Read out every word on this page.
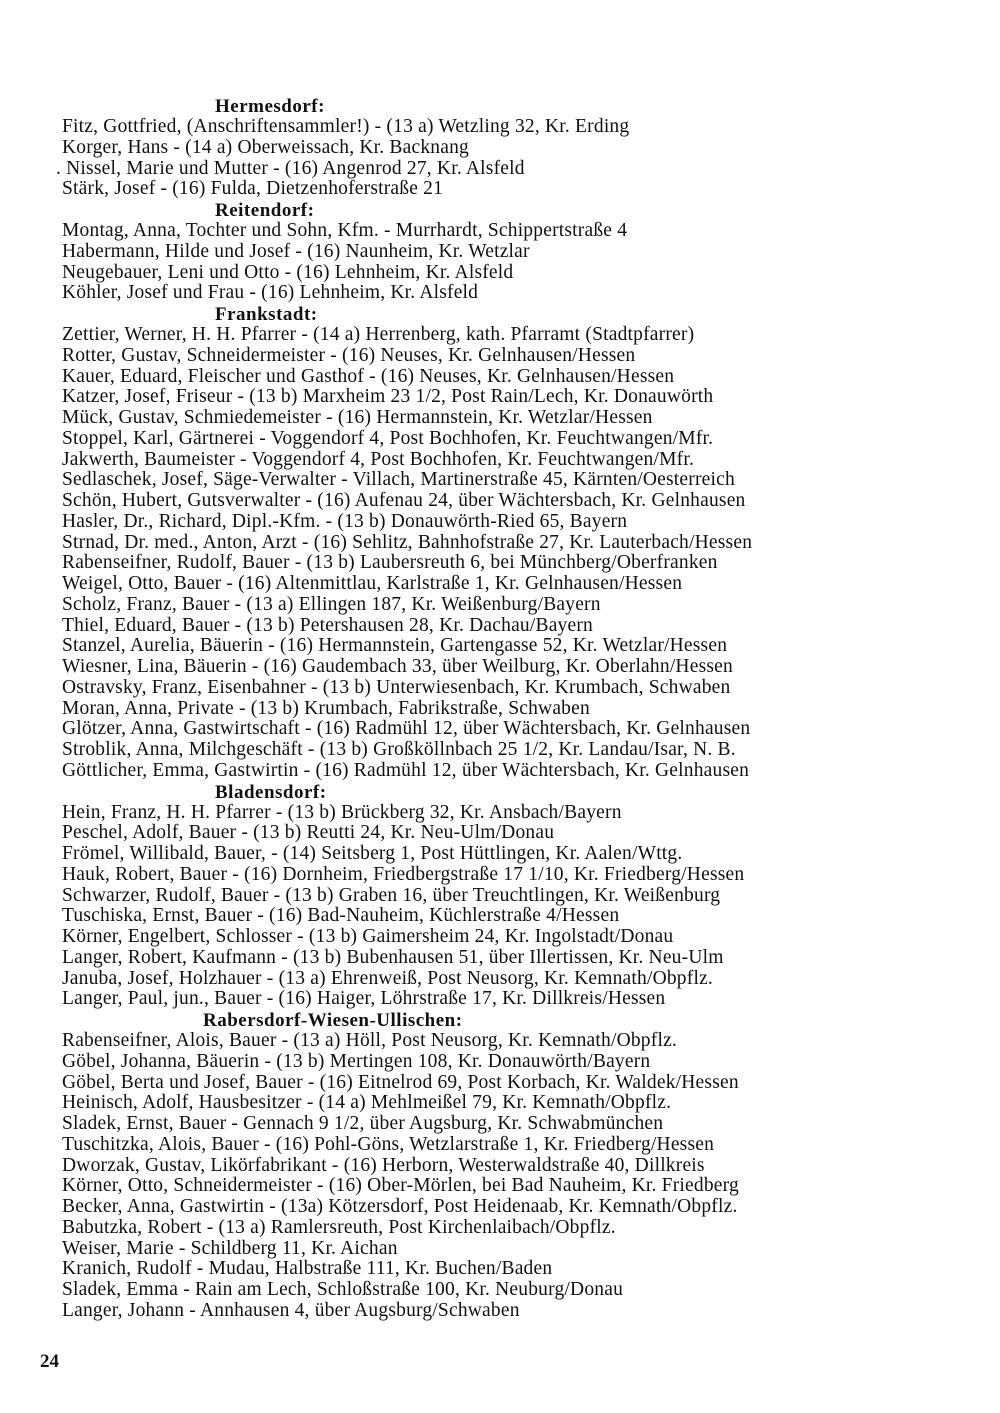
Hermesdorf:
Fitz, Gottfried, (Anschriftensammler!) - (13 a) Wetzling 32, Kr. Erding
Korger, Hans - (14 a) Oberweissach, Kr. Backnang
. Nissel, Marie und Mutter - (16) Angenrod 27, Kr. Alsfeld
Stärk, Josef - (16) Fulda, Dietzenhoferstraße 21
Reitendorf:
Montag, Anna, Tochter und Sohn, Kfm. - Murrhardt, Schippertstraße 4
Habermann, Hilde und Josef - (16) Naunheim, Kr. Wetzlar
Neugebauer, Leni und Otto - (16) Lehnheim, Kr. Alsfeld
Köhler, Josef und Frau - (16) Lehnheim, Kr. Alsfeld
Frankstadt:
Zettier, Werner, H. H. Pfarrer - (14 a) Herrenberg, kath. Pfarramt (Stadtpfarrer)
Rotter, Gustav, Schneidermeister - (16) Neuses, Kr. Gelnhausen/Hessen
Kauer, Eduard, Fleischer und Gasthof - (16) Neuses, Kr. Gelnhausen/Hessen
Katzer, Josef, Friseur - (13 b) Marxheim 23 1/2, Post Rain/Lech, Kr. Donauwörth
Mück, Gustav, Schmiedemeister - (16) Hermannstein, Kr. Wetzlar/Hessen
Stoppel, Karl, Gärtnerei - Voggendorf 4, Post Bochhofen, Kr. Feuchtwangen/Mfr.
Jakwerth, Baumeister - Voggendorf 4, Post Bochhofen, Kr. Feuchtwangen/Mfr.
Sedlaschek, Josef, Säge-Verwalter - Villach, Martinerstraße 45, Kärnten/Oesterreich
Schön, Hubert, Gutsverwalter - (16) Aufenau 24, über Wächtersbach, Kr. Gelnhausen
Hasler, Dr., Richard, Dipl.-Kfm. - (13 b) Donauwörth-Ried 65, Bayern
Strnad, Dr. med., Anton, Arzt - (16) Sehlitz, Bahnhofstraße 27, Kr. Lauterbach/Hessen
Rabenseifner, Rudolf, Bauer - (13 b) Laubersreuth 6, bei Münchberg/Oberfranken
Weigel, Otto, Bauer - (16) Altenmittlau, Karlstraße 1, Kr. Gelnhausen/Hessen
Scholz, Franz, Bauer - (13 a) Ellingen 187, Kr. Weißenburg/Bayern
Thiel, Eduard, Bauer - (13 b) Petershausen 28, Kr. Dachau/Bayern
Stanzel, Aurelia, Bäuerin - (16) Hermannstein, Gartengasse 52, Kr. Wetzlar/Hessen
Wiesner, Lina, Bäuerin - (16) Gaudembach 33, über Weilburg, Kr. Oberlahn/Hessen
Ostravsky, Franz, Eisenbahner - (13 b) Unterwiesenbach, Kr. Krumbach, Schwaben
Moran, Anna, Private - (13 b) Krumbach, Fabrikstraße, Schwaben
Glötzer, Anna, Gastwirtschaft - (16) Radmühl 12, über Wächtersbach, Kr. Gelnhausen
Stroblik, Anna, Milchgeschäft - (13 b) Großköllnbach 25 1/2, Kr. Landau/Isar, N. B.
Göttlicher, Emma, Gastwirtin - (16) Radmühl 12, über Wächtersbach, Kr. Gelnhausen
Bladensdorf:
Hein, Franz, H. H. Pfarrer - (13 b) Brückberg 32, Kr. Ansbach/Bayern
Peschel, Adolf, Bauer - (13 b) Reutti 24, Kr. Neu-Ulm/Donau
Frömel, Willibald, Bauer, - (14) Seitsberg 1, Post Hüttlingen, Kr. Aalen/Wttg.
Hauk, Robert, Bauer - (16) Dornheim, Friedbergstraße 17 1/10, Kr. Friedberg/Hessen
Schwarzer, Rudolf, Bauer - (13 b) Graben 16, über Treuchtlingen, Kr. Weißenburg
Tuschiska, Ernst, Bauer - (16) Bad-Nauheim, Küchlerstraße 4/Hessen
Körner, Engelbert, Schlosser - (13 b) Gaimersheim 24, Kr. Ingolstadt/Donau
Langer, Robert, Kaufmann - (13 b) Bubenhausen 51, über Illertissen, Kr. Neu-Ulm
Januba, Josef, Holzhauer - (13 a) Ehrenweiß, Post Neusorg, Kr. Kemnath/Obpflz.
Langer, Paul, jun., Bauer - (16) Haiger, Löhrstraße 17, Kr. Dillkreis/Hessen
Rabersdorf-Wiesen-Ullischen:
Rabenseifner, Alois, Bauer - (13 a) Höll, Post Neusorg, Kr. Kemnath/Obpflz.
Göbel, Johanna, Bäuerin - (13 b) Mertingen 108, Kr. Donauwörth/Bayern
Göbel, Berta und Josef, Bauer - (16) Eitnelrod 69, Post Korbach, Kr. Waldek/Hessen
Heinisch, Adolf, Hausbesitzer - (14 a) Mehlmeißel 79, Kr. Kemnath/Obpflz.
Sladek, Ernst, Bauer - Gennach 9 1/2, über Augsburg, Kr. Schwabmünchen
Tuschitzka, Alois, Bauer - (16) Pohl-Göns, Wetzlarstraße 1, Kr. Friedberg/Hessen
Dworzak, Gustav, Likörfabrikant - (16) Herborn, Westerwaldstraße 40, Dillkreis
Körner, Otto, Schneidermeister - (16) Ober-Mörlen, bei Bad Nauheim, Kr. Friedberg
Becker, Anna, Gastwirtin - (13a) Kötzersdorf, Post Heidenaab, Kr. Kemnath/Obpflz.
Babutzka, Robert - (13 a) Ramlersreuth, Post Kirchenlaibach/Obpflz.
Weiser, Marie - Schildberg 11, Kr. Aichan
Kranich, Rudolf - Mudau, Halbstraße 111, Kr. Buchen/Baden
Sladek, Emma - Rain am Lech, Schloßstraße 100, Kr. Neuburg/Donau
Langer, Johann - Annhausen 4, über Augsburg/Schwaben
24
